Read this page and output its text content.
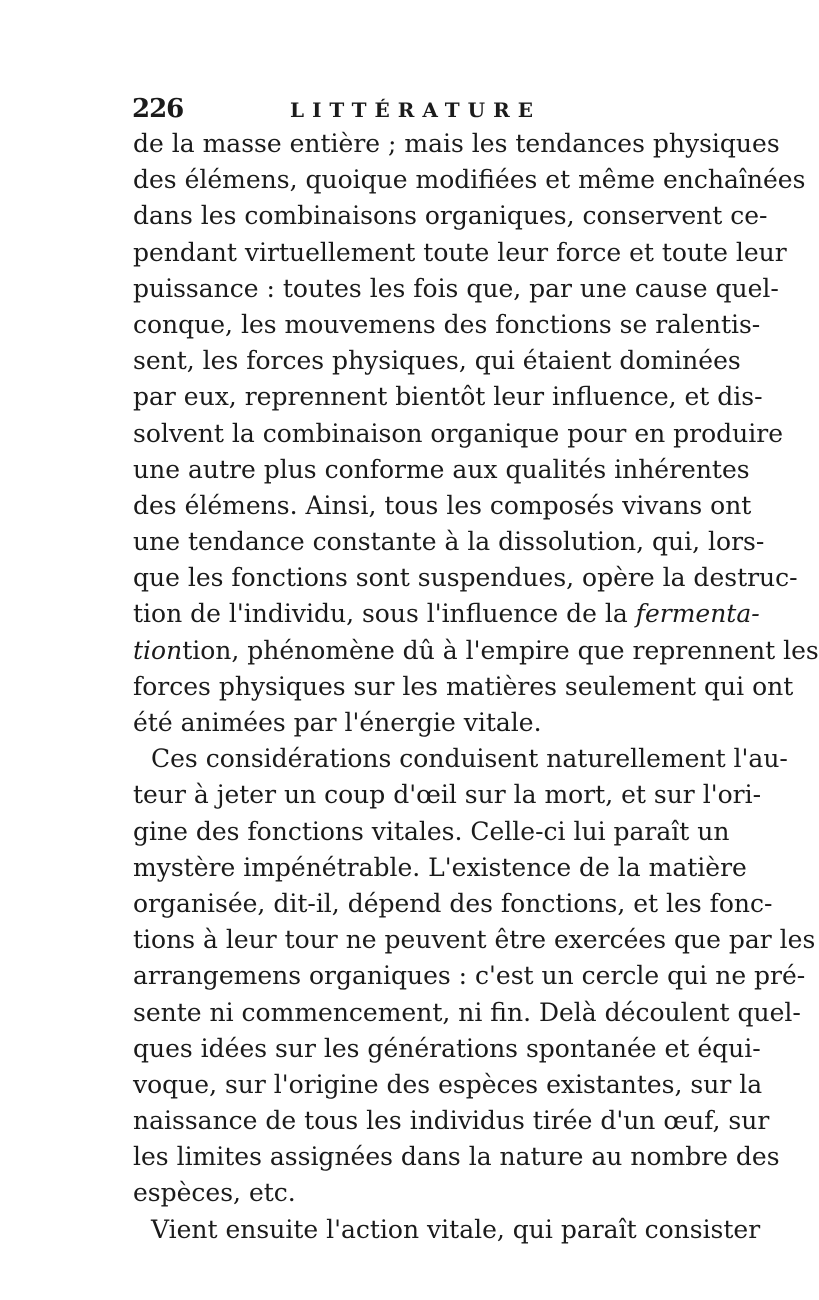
226	LITTÉRATURE
de la masse entière ; mais les tendances physiques
des élémens, quoique modifiées et même enchaînées
dans les combinaisons organiques, conservent ce-
pendant virtuellement toute leur force et toute leur
puissance : toutes les fois que, par une cause quel-
conque, les mouvemens des fonctions se ralentis-
sent, les forces physiques, qui étaient dominées
par eux, reprennent bientôt leur influence, et dis-
solvent la combinaison organique pour en produire
une autre plus conforme aux qualités inhérentes
des élémens. Ainsi, tous les composés vivans ont
une tendance constante à la dissolution, qui, lors-
que les fonctions sont suspendues, opère la destruc-
tion de l'individu, sous l'influence de la fermenta-
tiontion, phénomène dû à l'empire que reprennent les
forces physiques sur les matières seulement qui ont
été animées par l'énergie vitale.
Ces considérations conduisent naturellement l'au-
teur à jeter un coup d'œil sur la mort, et sur l'ori-
gine des fonctions vitales. Celle-ci lui paraît un
mystère impénétrable. L'existence de la matière
organisée, dit-il, dépend des fonctions, et les fonc-
tions à leur tour ne peuvent être exercées que par les
arrangemens organiques : c'est un cercle qui ne pré-
sente ni commencement, ni fin. Delà découlent quel-
ques idées sur les générations spontanée et équi-
voque, sur l'origine des espèces existantes, sur la
naissance de tous les individus tirée d'un œuf, sur
les limites assignées dans la nature au nombre des
espèces, etc.
Vient ensuite l'action vitale, qui paraît consister
